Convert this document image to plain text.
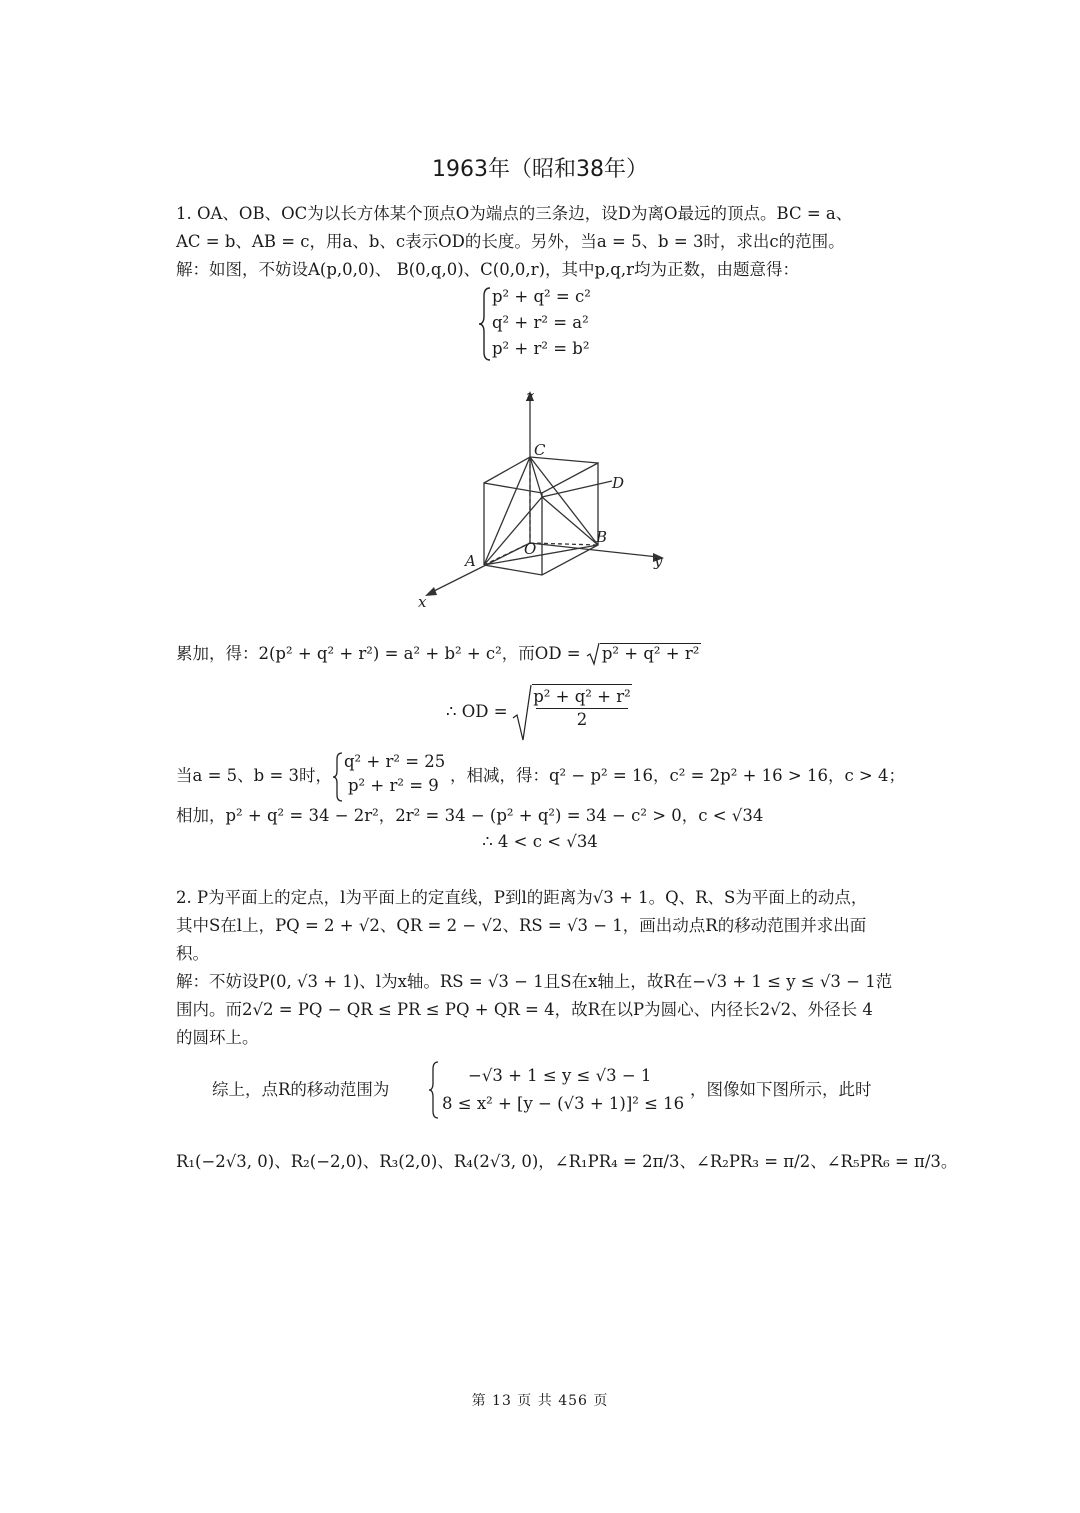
1963年（昭和38年）
1. OA、OB、OC为以长方体某个顶点O为端点的三条边，设D为离O最远的顶点。BC = a、
AC = b、AB = c，用a、b、c表示OD的长度。另外，当a = 5、b = 3时，求出c的范围。
解：如图，不妨设A(p,0,0)、 B(0,q,0)、C(0,0,r)，其中p,q,r均为正数，由题意得：
p² + q² = c²
q² + r² = a²
p² + r² = b²
z
C
D
B
O
A	y
x
累加，得：2(p² + q² + r²) = a² + b² + c²，而OD =
p² + q² + r²
∴ OD = $\frac{\text{p² + q² + r²}}{2}$
当a = 5、b = 3时，
q² + r² = 25
p² + r² = 9
，相减，得：q² − p² = 16，c² = 2p² + 16 > 16，c > 4；
相加，p² + q² = 34 − 2r²，2r² = 34 − (p² + q²) = 34 − c² > 0，c < √34
∴ 4 < c < √34
2. P为平面上的定点，l为平面上的定直线，P到l的距离为√3 + 1。Q、R、S为平面上的动点，
其中S在l上，PQ = 2 + √2、QR = 2 − √2、RS = √3 − 1，画出动点R的移动范围并求出面
积。
解：不妨设P(0, √3 + 1)、l为x轴。RS = √3 − 1且S在x轴上，故R在−√3 + 1 ≤ y ≤ √3 − 1范
围内。而2√2 = PQ − QR ≤ PR ≤ PQ + QR = 4，故R在以P为圆心、内径长2√2、外径长 4
的圆环上。
综上，点R的移动范围为
−√3 + 1 ≤ y ≤ √3 − 1
8 ≤ x² + [y − (√3 + 1)]² ≤ 16
，图像如下图所示，此时
R₁(−2√3, 0)、R₂(−2,0)、R₃(2,0)、R₄(2√3, 0)，∠R₁PR₄ = 2π/3、∠R₂PR₃ = π/2、∠R₅PR₆ = π/3。
第 13 页 共 456 页
